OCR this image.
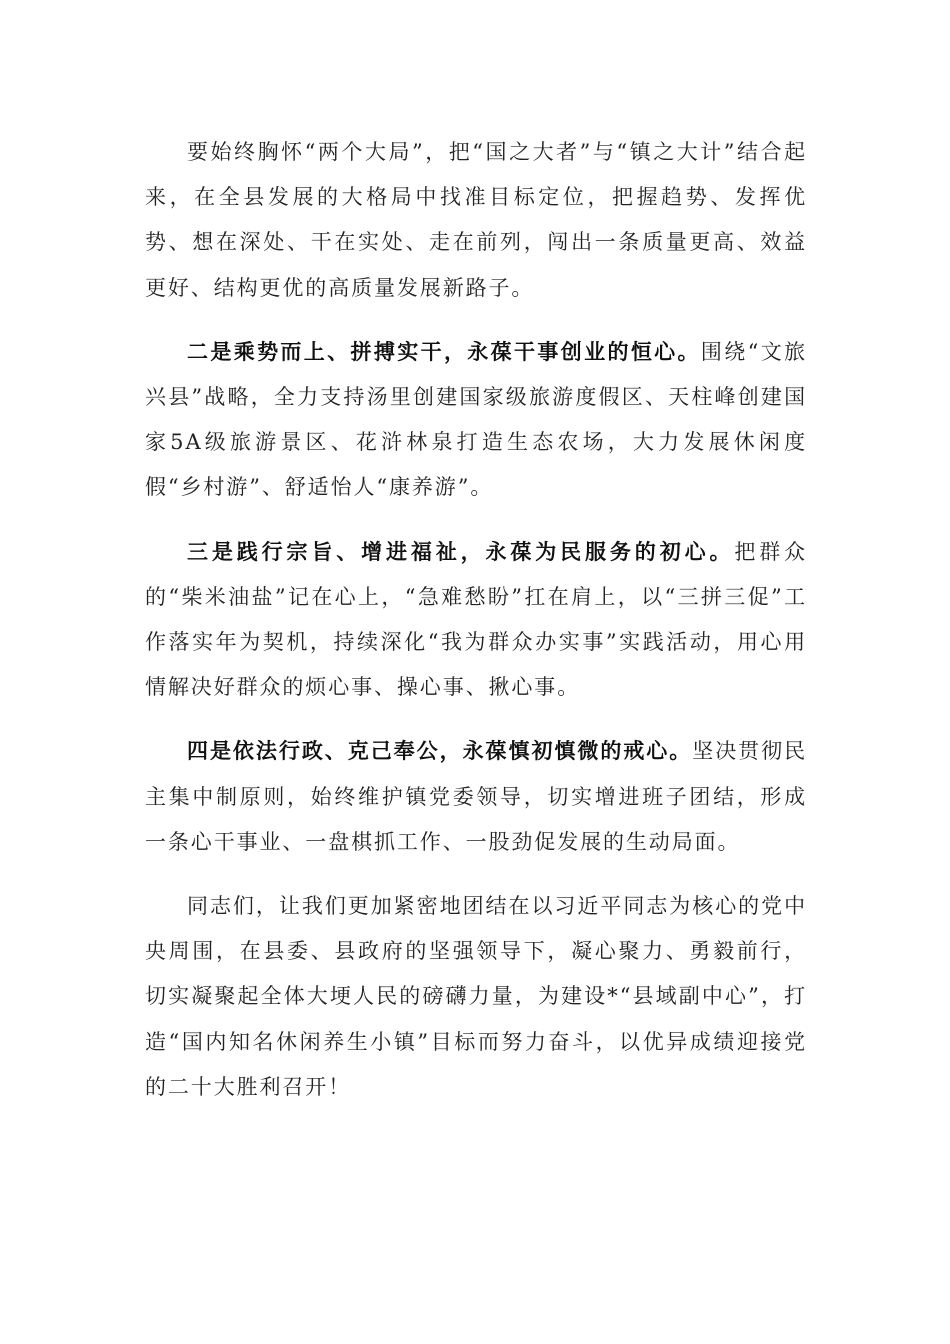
要始终胸怀“两个大局”，把“国之大者”与“镇之大计”结合起来，在全县发展的大格局中找准目标定位，把握趋势、发挥优势、想在深处、干在实处、走在前列，闯出一条质量更高、效益更好、结构更优的高质量发展新路子。

二是乘势而上、拼搏实干，永葆干事创业的恒心。围绕“文旅兴县”战略，全力支持汤里创建国家级旅游度假区、天柱峰创建国家5A级旅游景区、花浒林泉打造生态农场，大力发展休闲度假“乡村游”、舒适怡人“康养游”。

三是践行宗旨、增进福祉，永葆为民服务的初心。把群众的“柴米油盐”记在心上，“急难愁盼”扛在肩上，以“三拼三促”工作落实年为契机，持续深化“我为群众办实事”实践活动，用心用情解决好群众的烦心事、操心事、揪心事。

四是依法行政、克己奉公，永葆慎初慎微的戒心。坚决贯彻民主集中制原则，始终维护镇党委领导，切实增进班子团结，形成一条心干事业、一盘棋抓工作、一股劲促发展的生动局面。

同志们，让我们更加紧密地团结在以习近平同志为核心的党中央周围，在县委、县政府的坚强领导下，凝心聚力、勇毅前行，切实凝聚起全体大埂人民的磅礴力量，为建设*“县域副中心”，打造“国内知名休闲养生小镇”目标而努力奋斗，以优异成绩迎接党的二十大胜利召开！
